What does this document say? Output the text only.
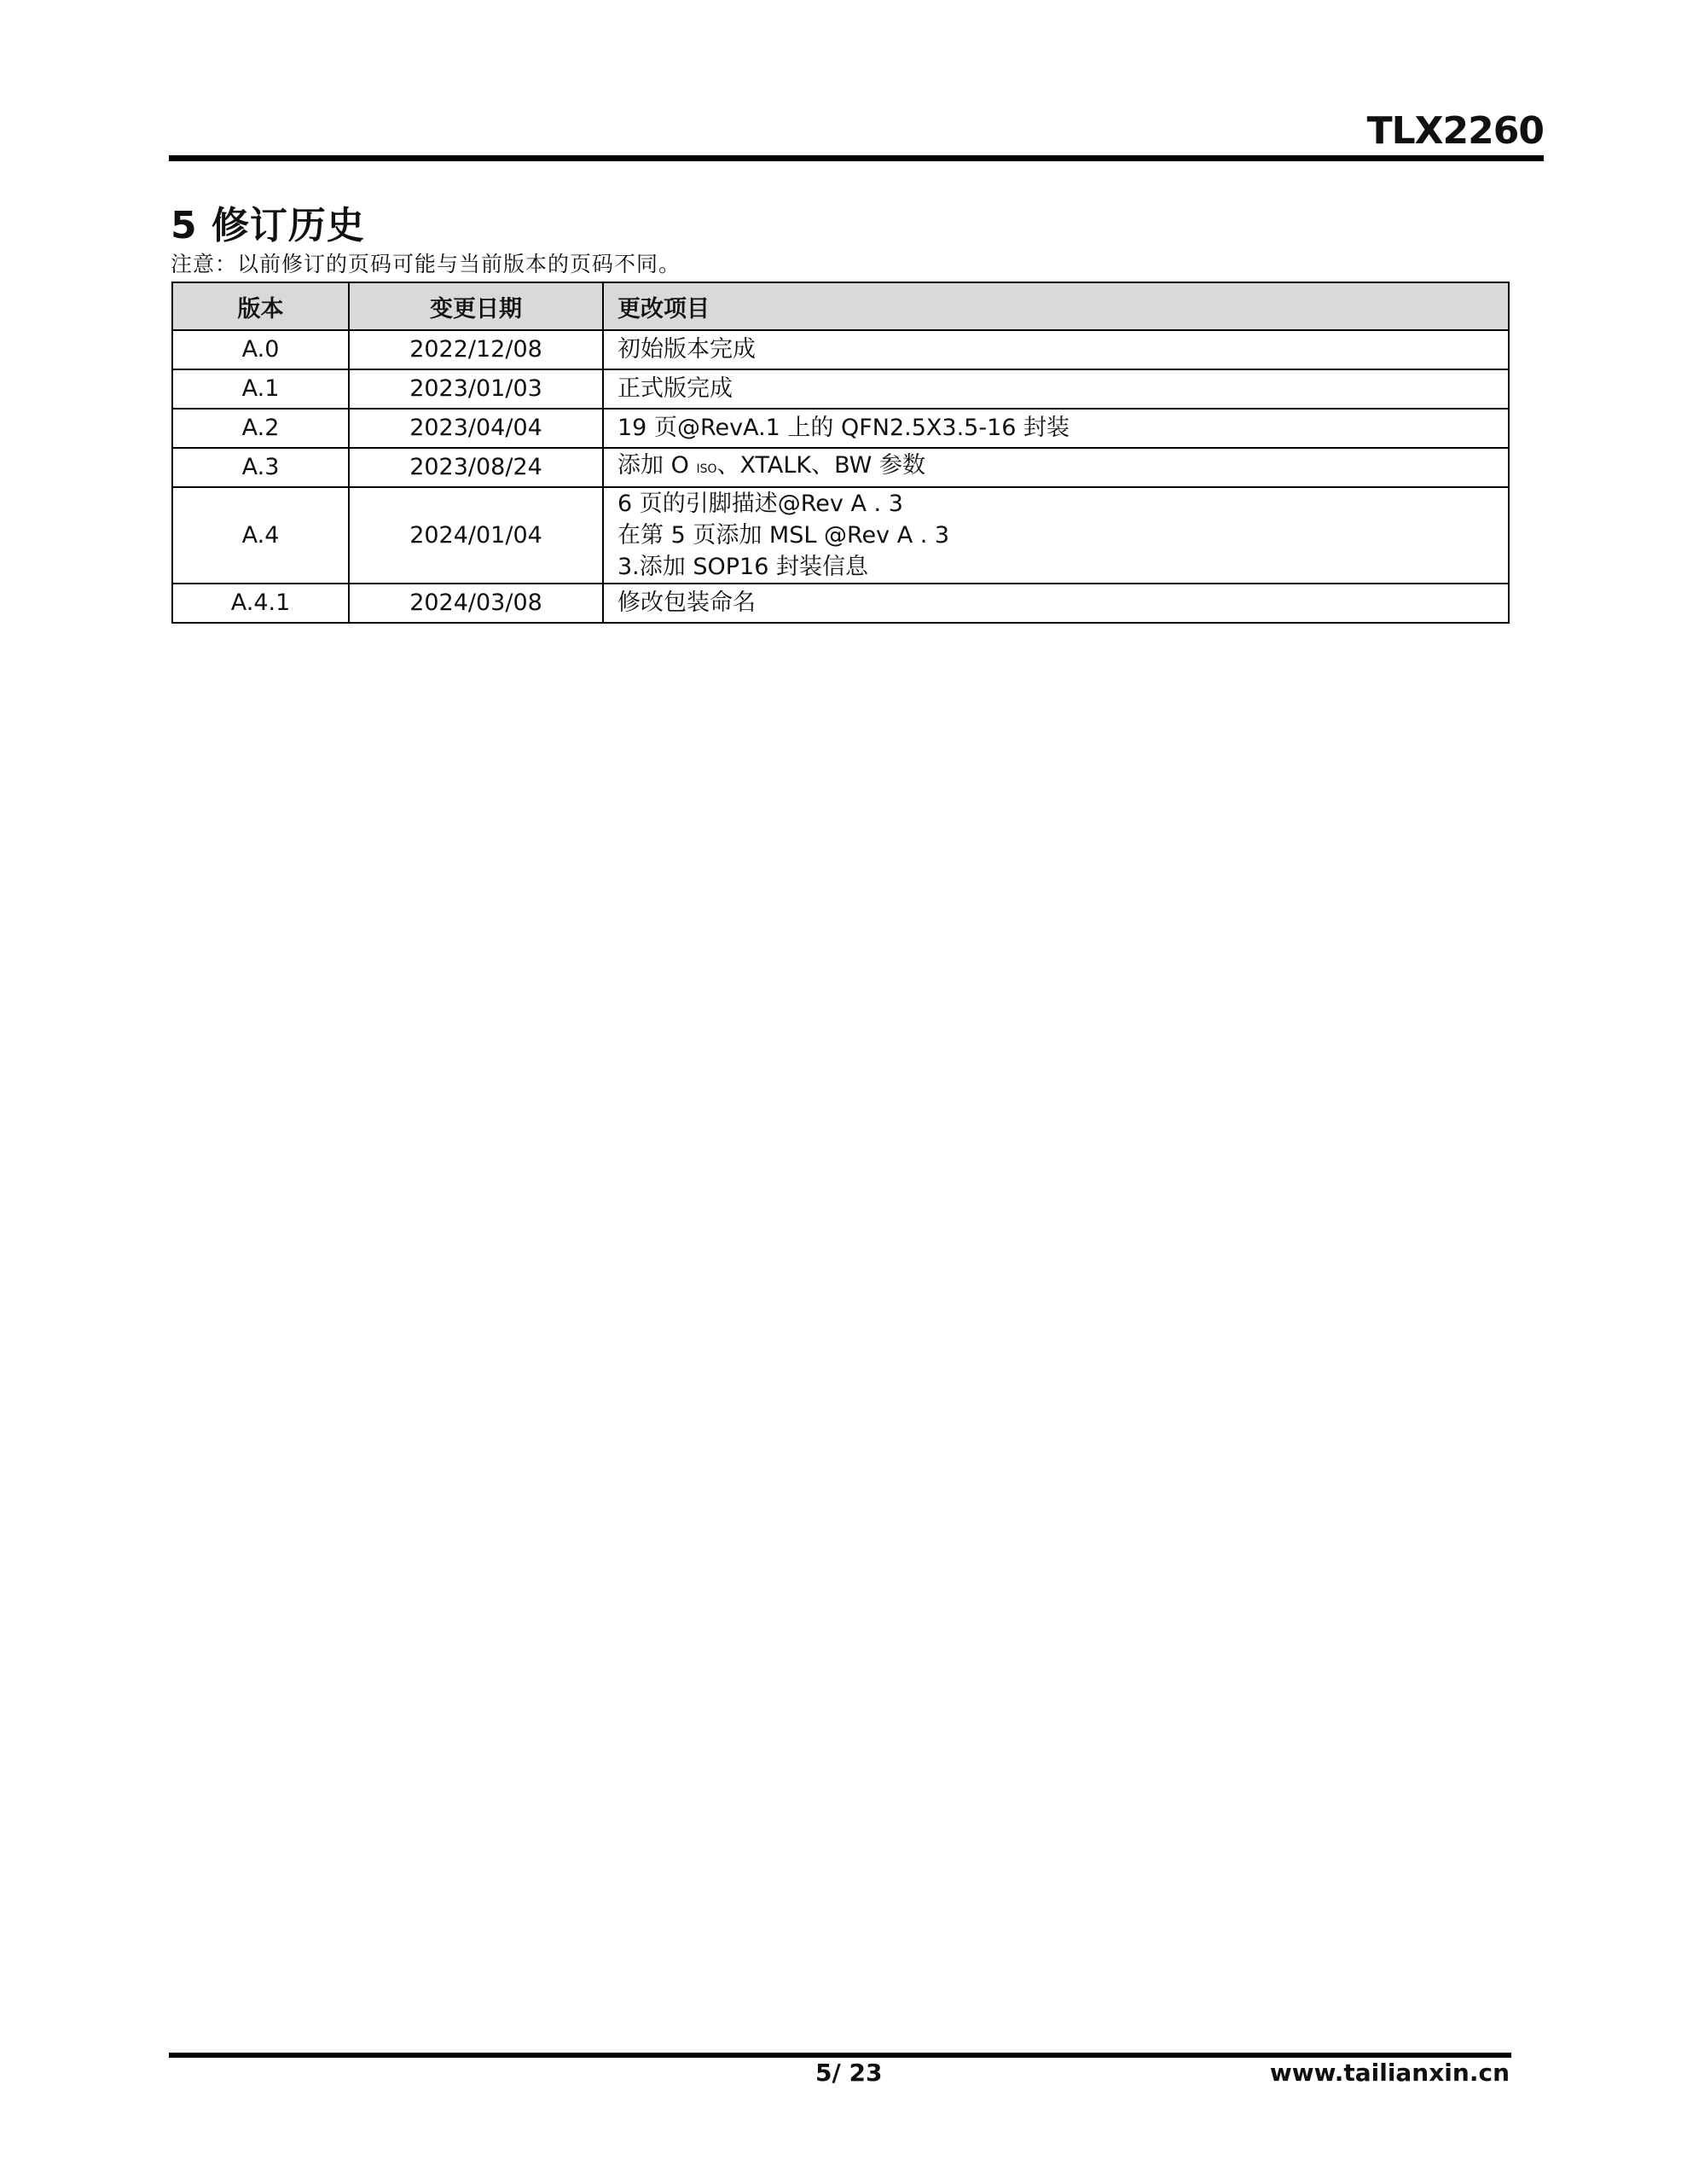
TLX2260
5 修订历史
注意：以前修订的页码可能与当前版本的页码不同。
版本	变更日期	更改项目
A.0	2022/12/08	初始版本完成
A.1	2023/01/03	正式版完成
A.2	2023/04/04	19 页@RevA.1 上的 QFN2.5X3.5-16 封装
A.3	2023/08/24	添加 O ISO、XTALK、BW 参数
A.4	2024/01/04	6 页的引脚描述@Rev A . 3
在第 5 页添加 MSL @Rev A . 3
3.添加 SOP16 封装信息

A.4.1	2024/03/08	修改包装命名
5/ 23	www.tailianxin.cn
